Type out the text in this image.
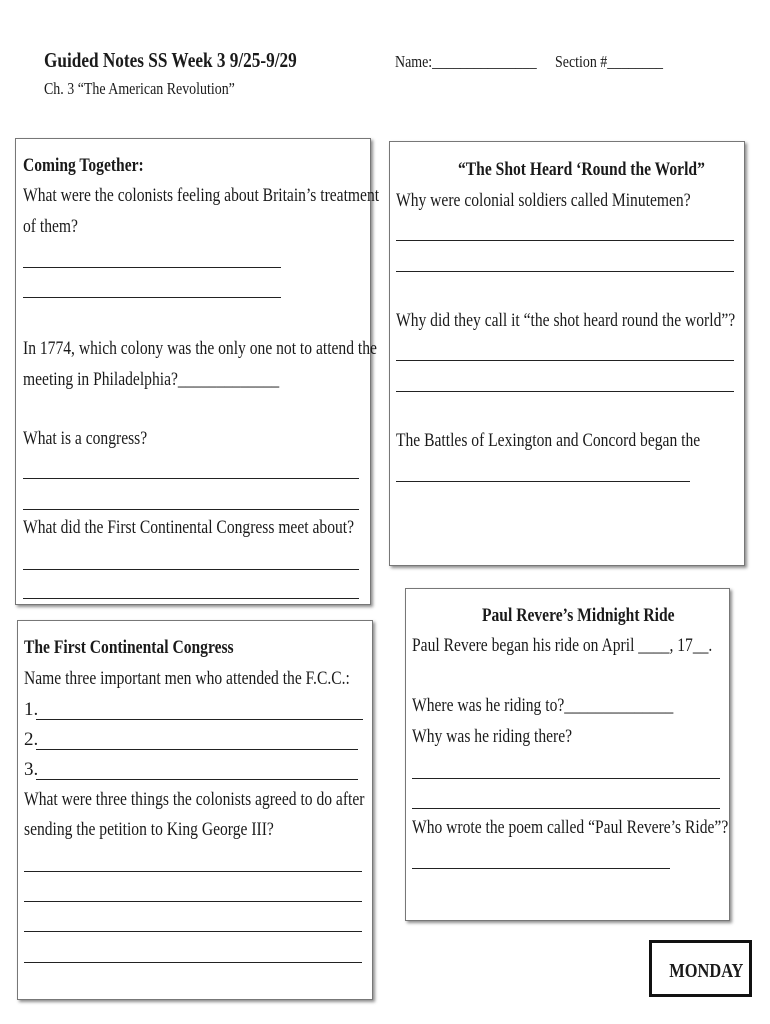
Guided Notes SS Week 3 9/25-9/29
Ch. 3 “The American Revolution”
Name:_______________ Section #________
Coming Together:
What were the colonists feeling about Britain’s treatment
of them?
In 1774, which colony was the only one not to attend the
meeting in Philadelphia?_____________
What is a congress?
What did the First Continental Congress meet about?
“The Shot Heard ‘Round the World”
Why were colonial soldiers called Minutemen?
Why did they call it “the shot heard round the world”?
The Battles of Lexington and Concord began the
The First Continental Congress
Name three important men who attended the F.C.C.:
1.
2.
3.
What were three things the colonists agreed to do after
sending the petition to King George III?
Paul Revere’s Midnight Ride
Paul Revere began his ride on April ____, 17__.
Where was he riding to?______________
Why was he riding there?
Who wrote the poem called “Paul Revere’s Ride”?
MONDAY
